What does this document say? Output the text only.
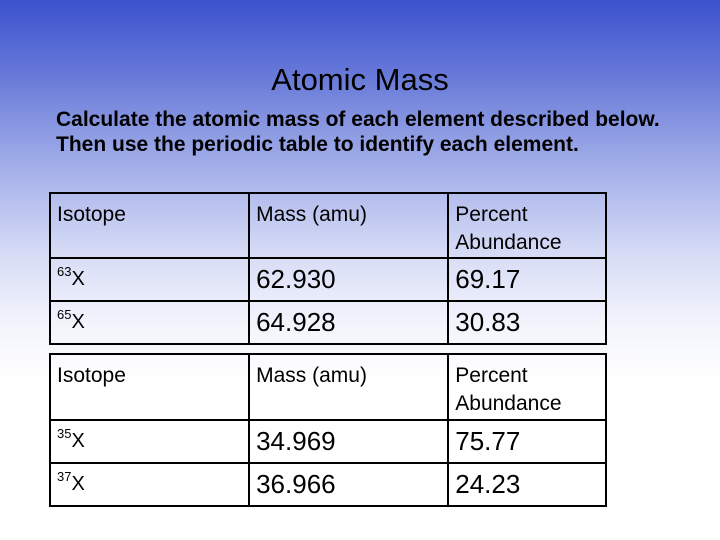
Atomic Mass

Calculate the atomic mass of each element described below. Then use the periodic table to identify each element.

Isotope	Mass (amu)	Percent Abundance
$^{63}$X	62.930	69.17
$^{65}$X	64.928	30.83
Isotope	Mass (amu)	Percent Abundance
$^{35}$X	34.969	75.77
$^{37}$X	36.966	24.23
